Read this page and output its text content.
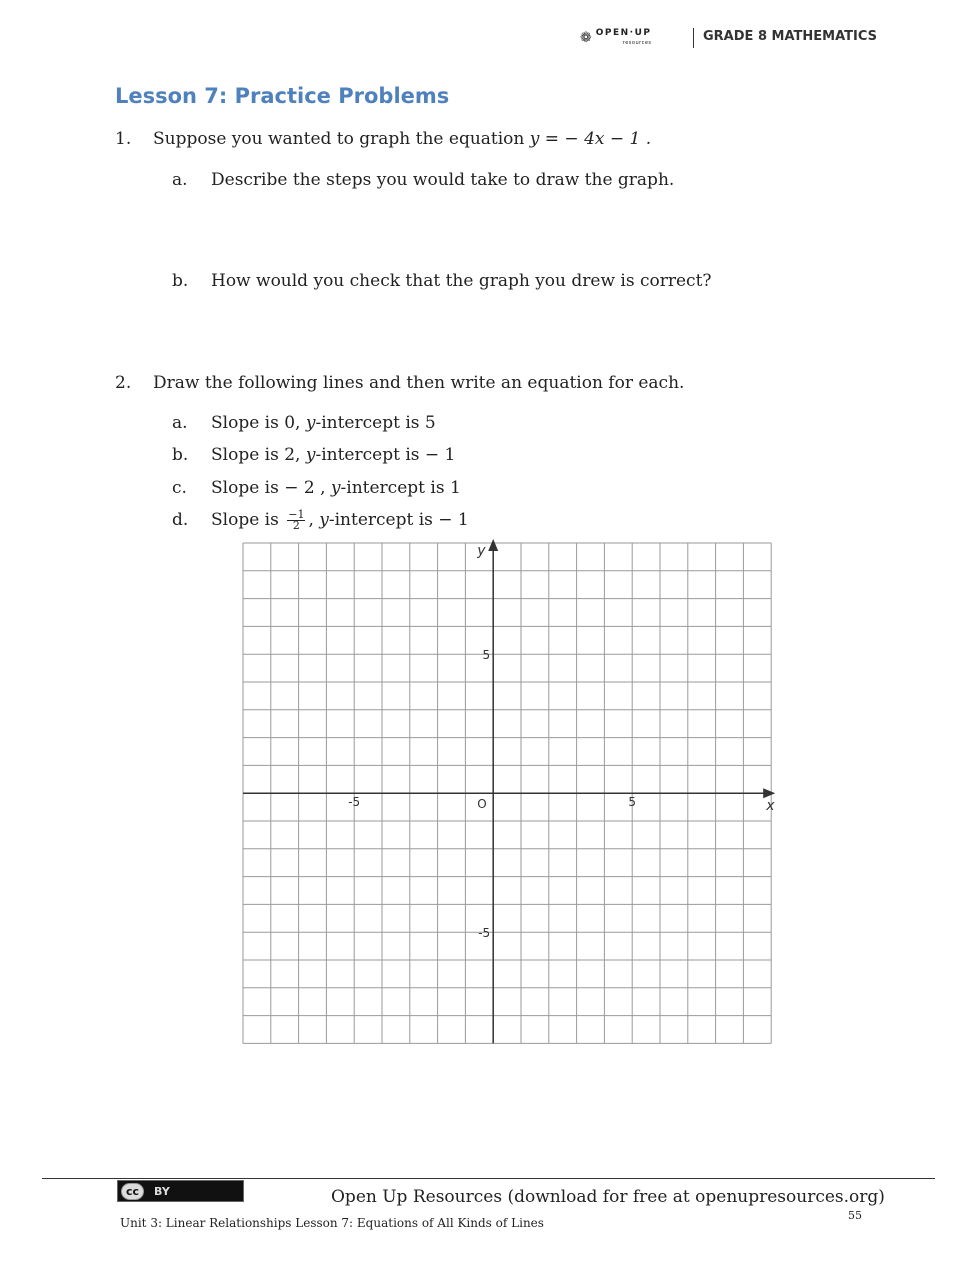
❁ OPEN·UP
resources	GRADE 8 MATHEMATICS
Lesson 7: Practice Problems
1. Suppose you wanted to graph the equation y = − 4x − 1 .
a. Describe the steps you would take to draw the graph.
b. How would you check that the graph you drew is correct?
2. Draw the following lines and then write an equation for each.
a. Slope is 0, y-intercept is 5
b. Slope is 2, y-intercept is − 1
c. Slope is − 2 , y-intercept is 1
d. Slope is $\frac{-1}{2}$ , y-intercept is − 1
-5	5
5
-5
x
y
O
cc	BY	Open Up Resources (download for free at openupresources.org)
55
Unit 3: Linear Relationships Lesson 7: Equations of All Kinds of Lines
